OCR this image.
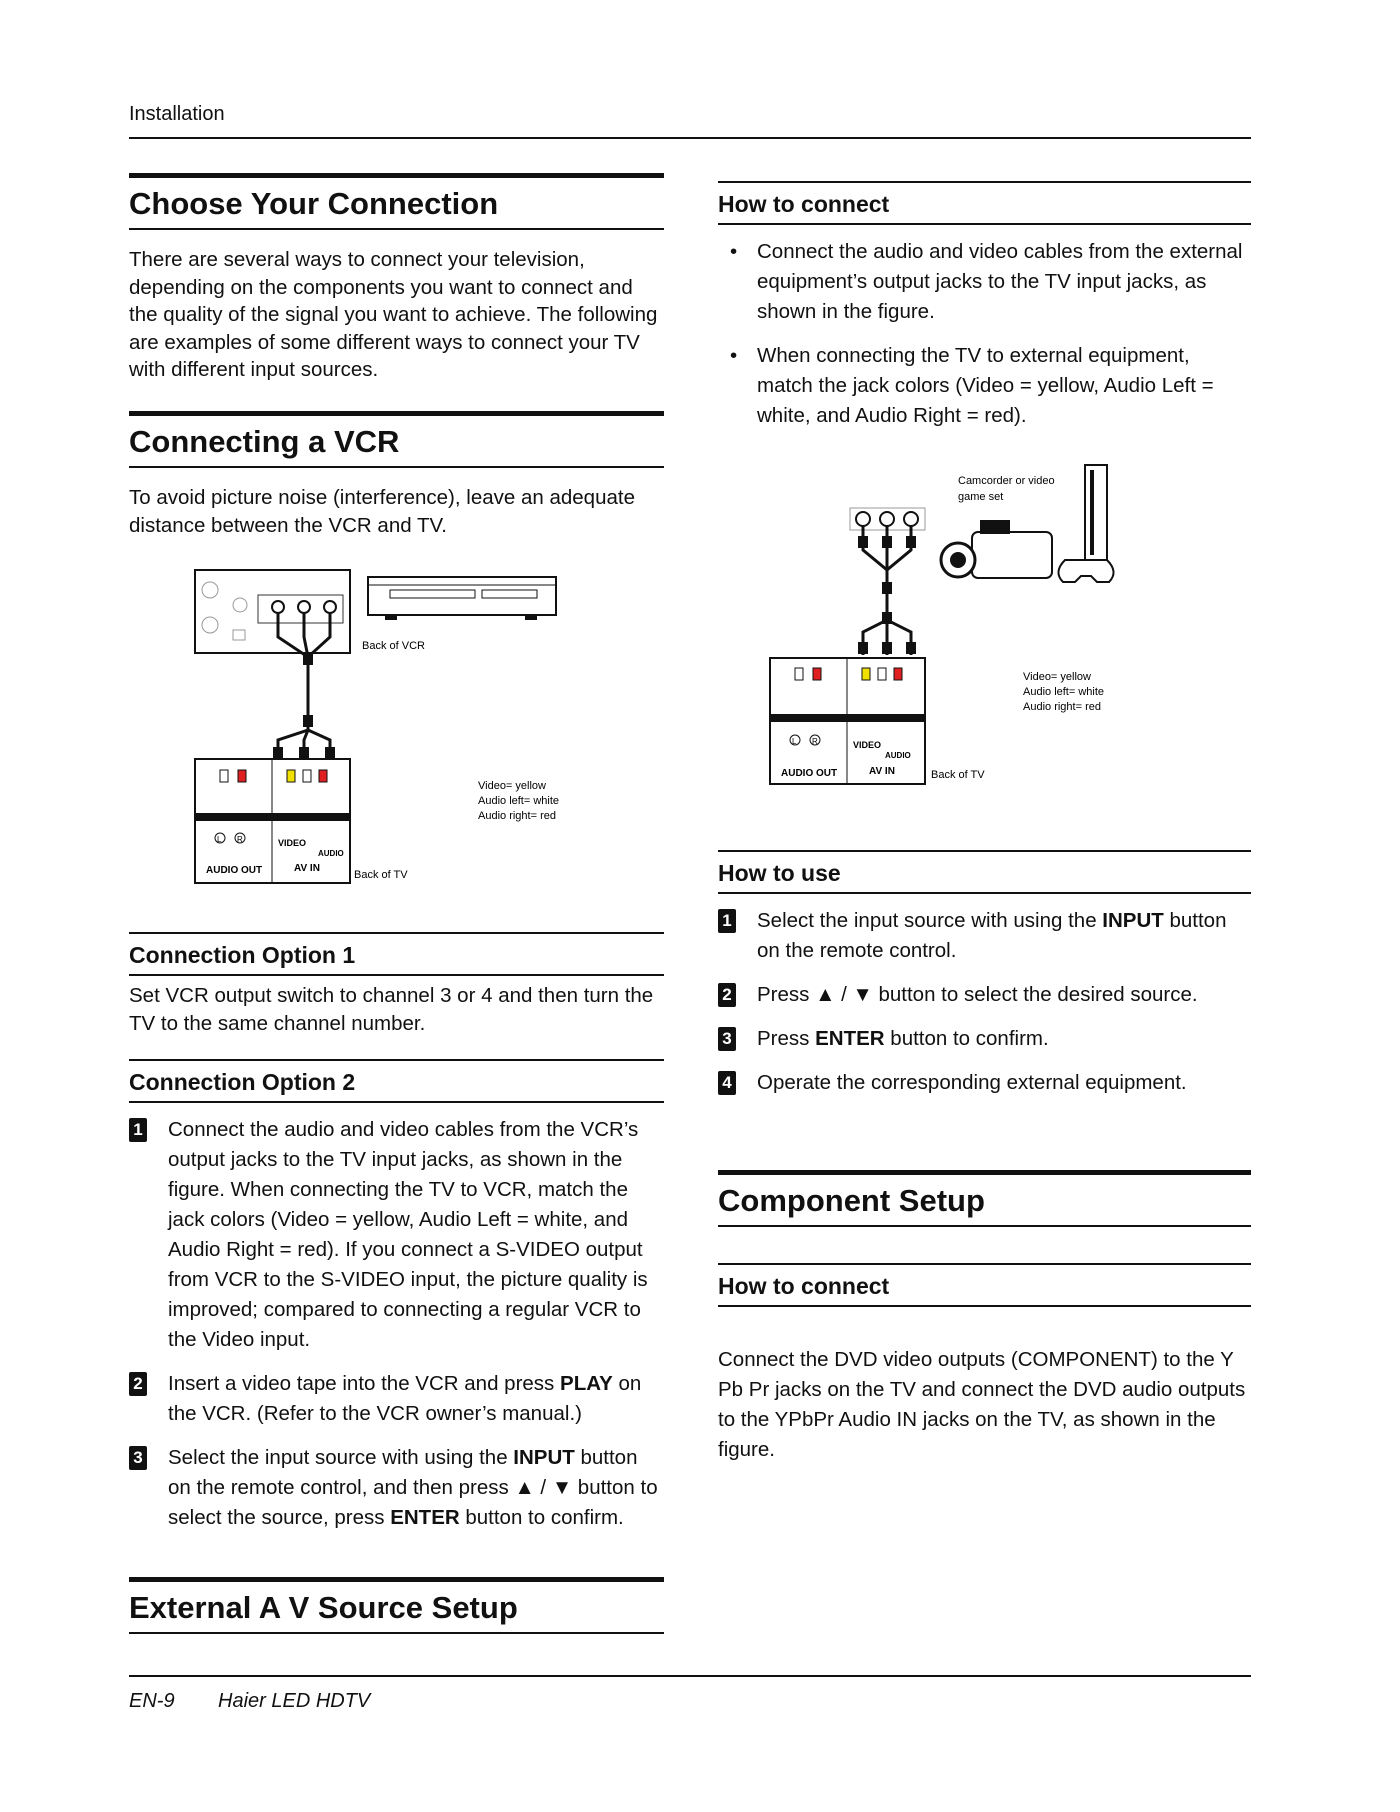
Installation
Choose Your Connection
There are several ways to connect your television, depending on the components you want to connect and the quality of the signal you want to achieve. The following are examples of some different ways to connect your TV with different input sources.
Connecting a VCR
To avoid picture noise (interference), leave an adequate distance between the VCR and TV.
Back of VCR
L R	VIDEO
AUDIO
AUDIO OUT	AV IN
Back of TV
Video= yellow
Audio left= white
Audio right= red
Connection Option 1
Set VCR output switch to channel 3 or 4 and then turn the TV to the same channel number.
Connection Option 2
1 Connect the audio and video cables from the VCR’s output jacks to the TV input jacks, as shown in the figure. When connecting the TV to VCR, match the jack colors (Video = yellow, Audio Left = white, and Audio Right = red). If you connect a S-VIDEO output from VCR to the S-VIDEO input, the picture quality is improved; compared to connecting a regular VCR to the Video input.
2 Insert a video tape into the VCR and press PLAY on the VCR. (Refer to the VCR owner’s manual.)
3 Select the input source with using the INPUT button on the remote control, and then press ▲ / ▼ button to select the source, press ENTER button to confirm.
External A V Source Setup
How to connect
• Connect the audio and video cables from the external equipment’s output jacks to the TV input jacks, as shown in the figure.
• When connecting the TV to external equipment, match the jack colors (Video = yellow, Audio Left = white, and Audio Right = red).
Camcorder or video
game set
L R	VIDEO
AUDIO
AUDIO OUT	AV IN	Back of TV
Video= yellow
Audio left= white
Audio right= red
How to use
1 Select the input source with using the INPUT button on the remote control.
2 Press ▲ / ▼ button to select the desired source.
3 Press ENTER button to confirm.
4 Operate the corresponding external equipment.
Component Setup
How to connect
Connect the DVD video outputs (COMPONENT) to the Y Pb Pr jacks on the TV and connect the DVD audio outputs to the YPbPr Audio IN jacks on the TV, as shown in the figure.
EN-9 Haier LED HDTV
